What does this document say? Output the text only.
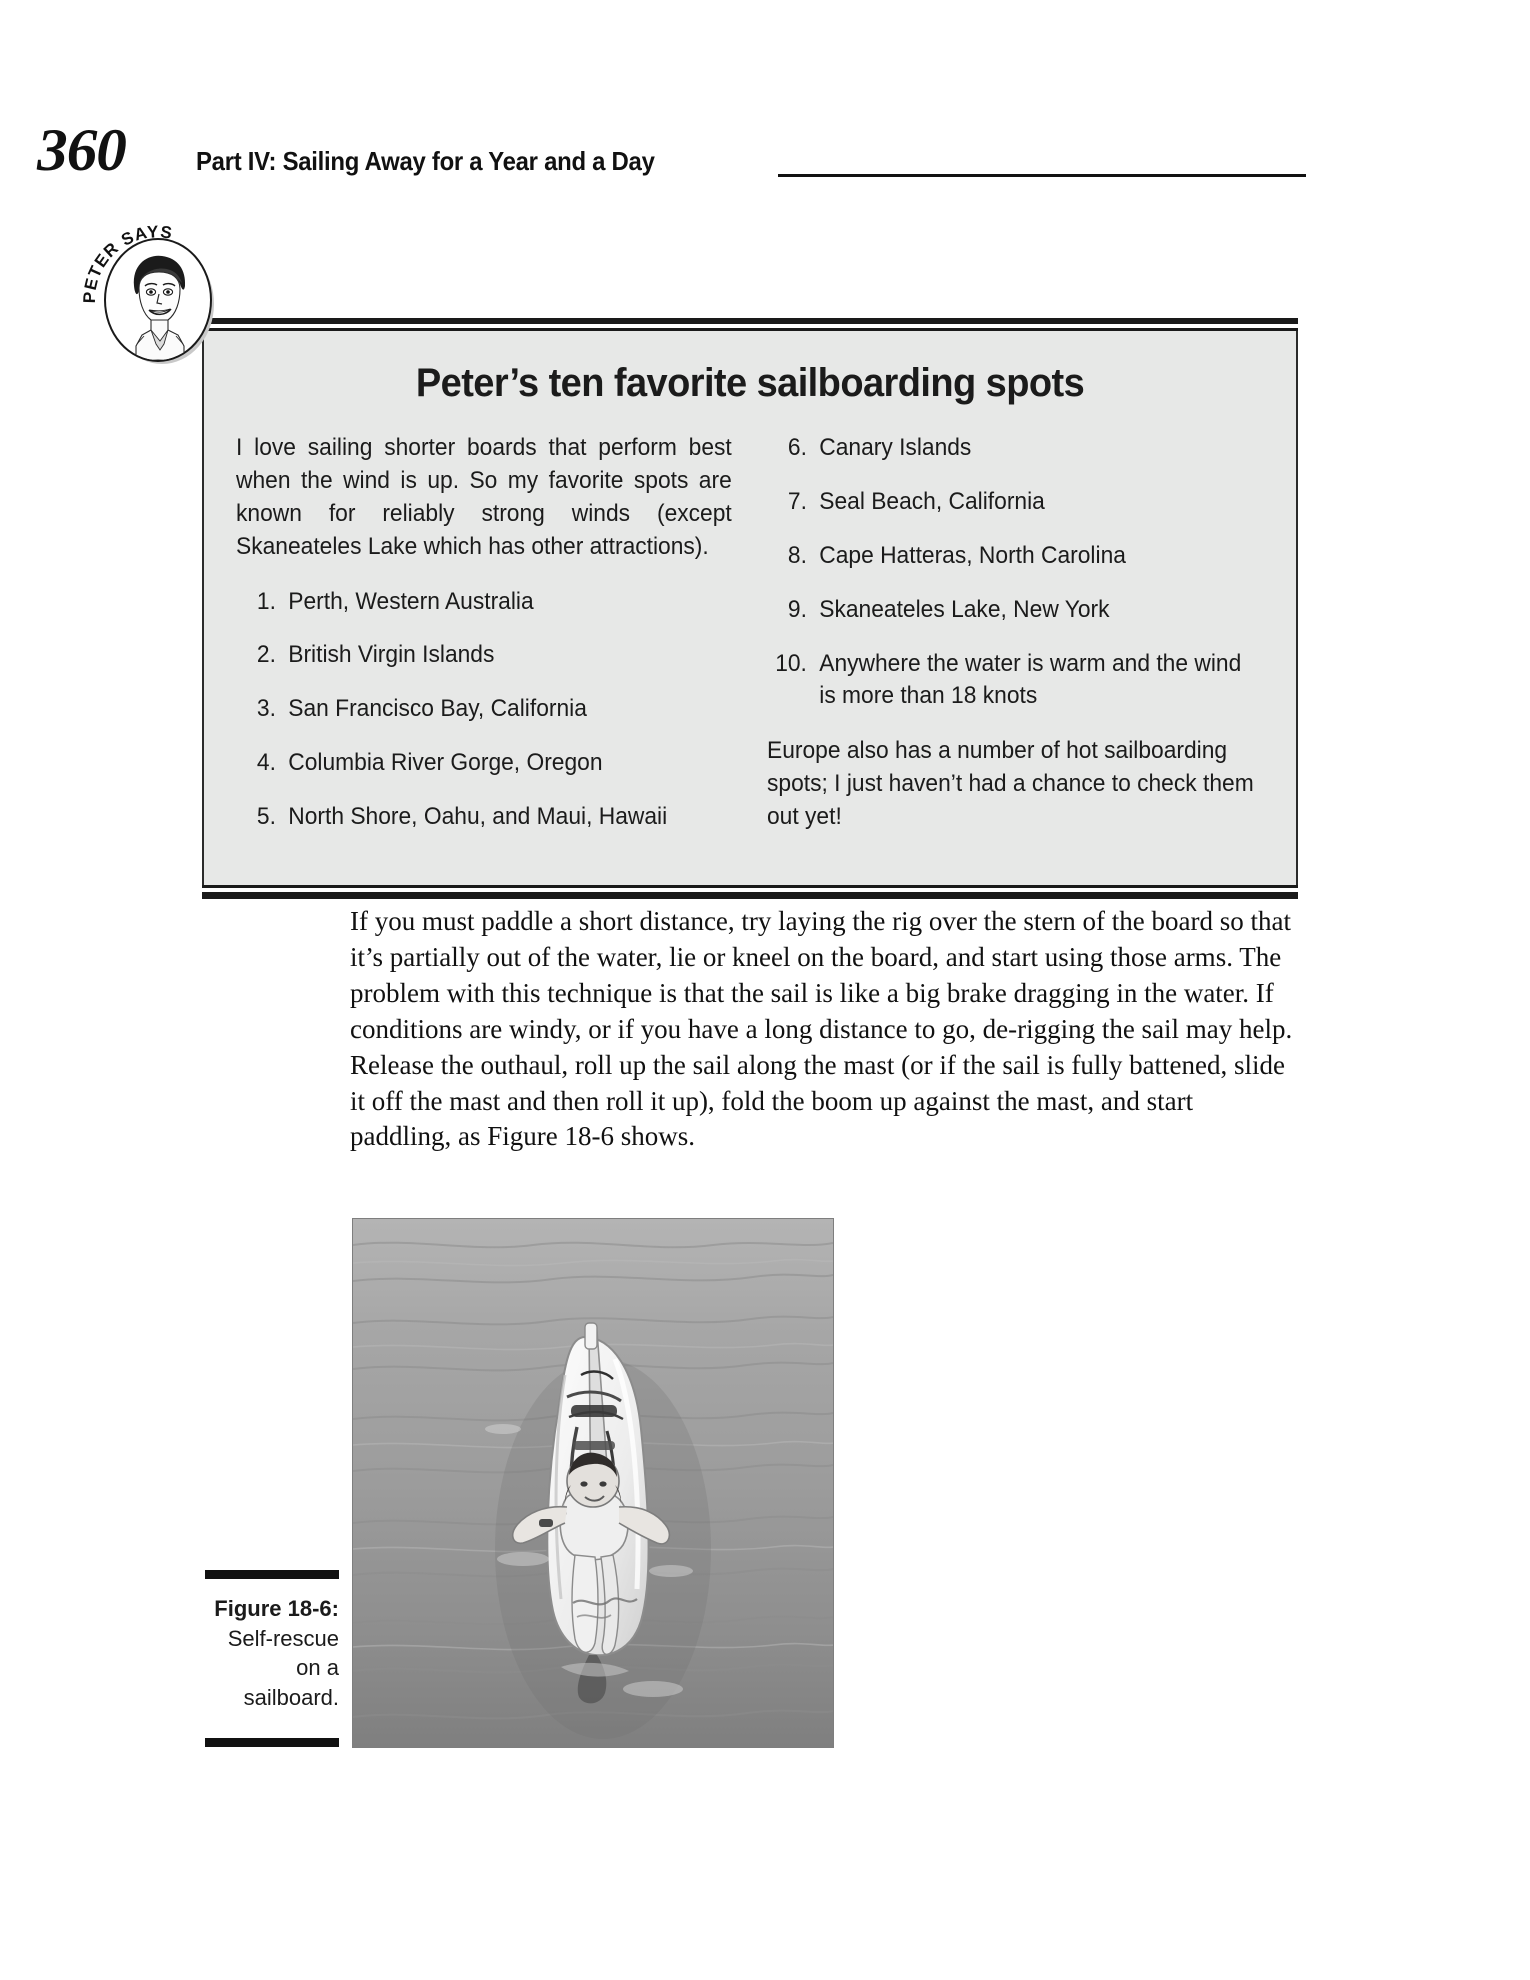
360	Part IV: Sailing Away for a Year and a Day
PETER SAYS
Peter’s ten favorite sailboarding spots

I love sailing shorter boards that perform best when the wind is up. So my favorite spots are known for reliably strong winds (except Skaneateles Lake which has other attractions).

1. Perth, Western Australia
2. British Virgin Islands
3. San Francisco Bay, California
4. Columbia River Gorge, Oregon
5. North Shore, Oahu, and Maui, Hawaii
6. Canary Islands
7. Seal Beach, California
8. Cape Hatteras, North Carolina
9. Skaneateles Lake, New York
10. Anywhere the water is warm and the wind is more than 18 knots

Europe also has a number of hot sailboarding spots; I just haven’t had a chance to check them out yet!

If you must paddle a short distance, try laying the rig over the stern of the board so that it’s partially out of the water, lie or kneel on the board, and start using those arms. The problem with this technique is that the sail is like a big brake dragging in the water. If conditions are windy, or if you have a long distance to go, de-rigging the sail may help. Release the outhaul, roll up the sail along the mast (or if the sail is fully battened, slide it off the mast and then roll it up), fold the boom up against the mast, and start paddling, as Figure 18-6 shows.
Figure 18-6:
Self-rescue
on a
sailboard.
